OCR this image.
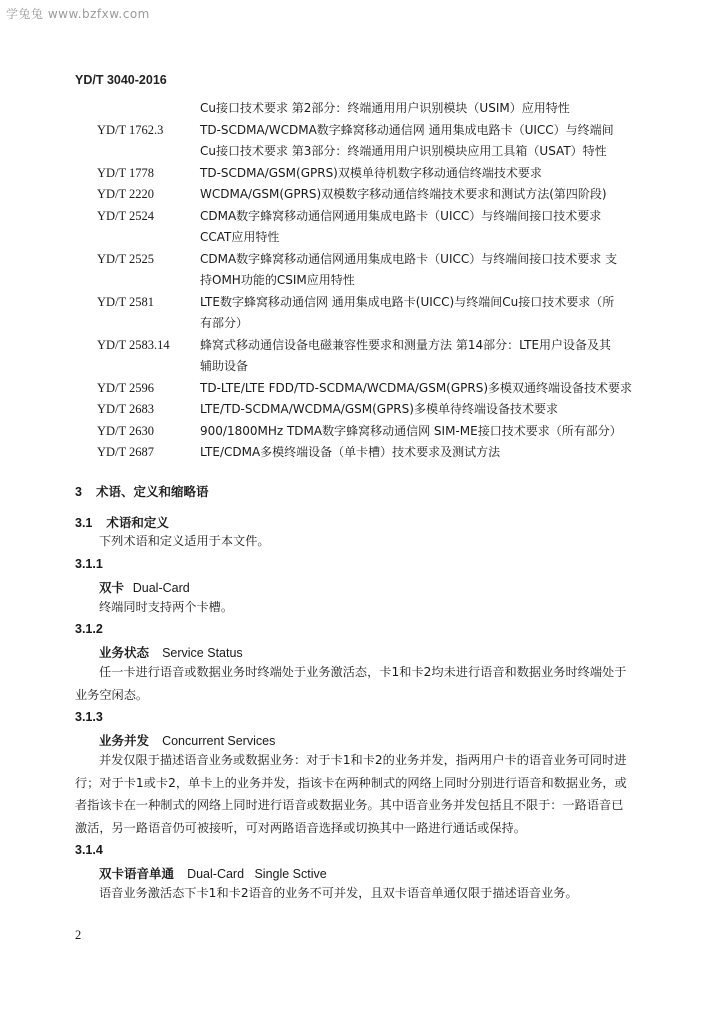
学兔兔 www.bzfxw.com
YD/T 3040-2016
Cu接口技术要求 第2部分：终端通用用户识别模块（USIM）应用特性
YD/T 1762.3	TD-SCDMA/WCDMA数字蜂窝移动通信网 通用集成电路卡（UICC）与终端间
Cu接口技术要求 第3部分：终端通用用户识别模块应用工具箱（USAT）特性
YD/T 1778	TD-SCDMA/GSM(GPRS)双模单待机数字移动通信终端技术要求
YD/T 2220	WCDMA/GSM(GPRS)双模数字移动通信终端技术要求和测试方法(第四阶段)
YD/T 2524	CDMA数字蜂窝移动通信网通用集成电路卡（UICC）与终端间接口技术要求
CCAT应用特性
YD/T 2525	CDMA数字蜂窝移动通信网通用集成电路卡（UICC）与终端间接口技术要求 支
持OMH功能的CSIM应用特性
YD/T 2581	LTE数字蜂窝移动通信网 通用集成电路卡(UICC)与终端间Cu接口技术要求（所
有部分）
YD/T 2583.14	蜂窝式移动通信设备电磁兼容性要求和测量方法 第14部分：LTE用户设备及其
辅助设备
YD/T 2596	TD-LTE/LTE FDD/TD-SCDMA/WCDMA/GSM(GPRS)多模双通终端设备技术要求
YD/T 2683	LTE/TD-SCDMA/WCDMA/GSM(GPRS)多模单待终端设备技术要求
YD/T 2630	900/1800MHz TDMA数字蜂窝移动通信网 SIM-ME接口技术要求（所有部分）
YD/T 2687	LTE/CDMA多模终端设备（单卡槽）技术要求及测试方法
3 术语、定义和缩略语
3.1 术语和定义
下列术语和定义适用于本文件。
3.1.1
双卡 Dual-Card
终端同时支持两个卡槽。
3.1.2
业务状态 Service Status
任一卡进行语音或数据业务时终端处于业务激活态，卡1和卡2均未进行语音和数据业务时终端处于
业务空闲态。
3.1.3
业务并发 Concurrent Services
并发仅限于描述语音业务或数据业务：对于卡1和卡2的业务并发，指两用户卡的语音业务可同时进
行；对于卡1或卡2，单卡上的业务并发，指该卡在两种制式的网络上同时分别进行语音和数据业务，或
者指该卡在一种制式的网络上同时进行语音或数据业务。其中语音业务并发包括且不限于：一路语音已
激活，另一路语音仍可被接听，可对两路语音选择或切换其中一路进行通话或保持。
3.1.4
双卡语音单通 Dual-Card   Single Sctive
语音业务激活态下卡1和卡2语音的业务不可并发，且双卡语音单通仅限于描述语音业务。
2
